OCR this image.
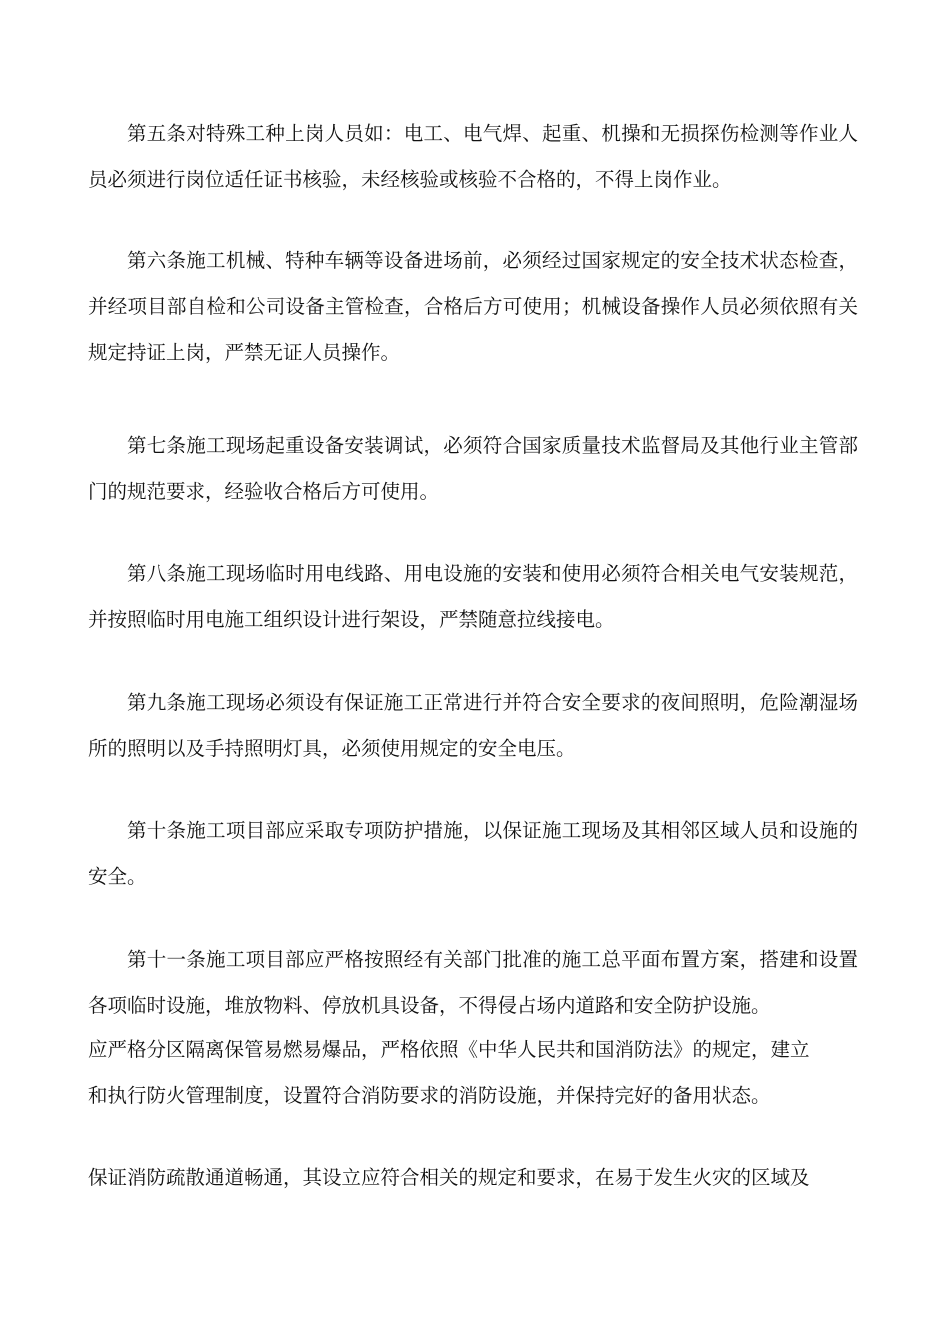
第五条对特殊工种上岗人员如：电工、电气焊、起重、机操和无损探伤检测等作业人员必须进行岗位适任证书核验，未经核验或核验不合格的，不得上岗作业。

第六条施工机械、特种车辆等设备进场前，必须经过国家规定的安全技术状态检查，并经项目部自检和公司设备主管检查，合格后方可使用；机械设备操作人员必须依照有关规定持证上岗，严禁无证人员操作。

第七条施工现场起重设备安装调试，必须符合国家质量技术监督局及其他行业主管部门的规范要求，经验收合格后方可使用。

第八条施工现场临时用电线路、用电设施的安装和使用必须符合相关电气安装规范，并按照临时用电施工组织设计进行架设，严禁随意拉线接电。

第九条施工现场必须设有保证施工正常进行并符合安全要求的夜间照明，危险潮湿场所的照明以及手持照明灯具，必须使用规定的安全电压。

第十条施工项目部应采取专项防护措施，以保证施工现场及其相邻区域人员和设施的安全。

第十一条施工项目部应严格按照经有关部门批准的施工总平面布置方案，搭建和设置各项临时设施，堆放物料、停放机具设备，不得侵占场内道路和安全防护设施。

应严格分区隔离保管易燃易爆品，严格依照《中华人民共和国消防法》的规定，建立

和执行防火管理制度，设置符合消防要求的消防设施，并保持完好的备用状态。

保证消防疏散通道畅通，其设立应符合相关的规定和要求，在易于发生火灾的区域及
